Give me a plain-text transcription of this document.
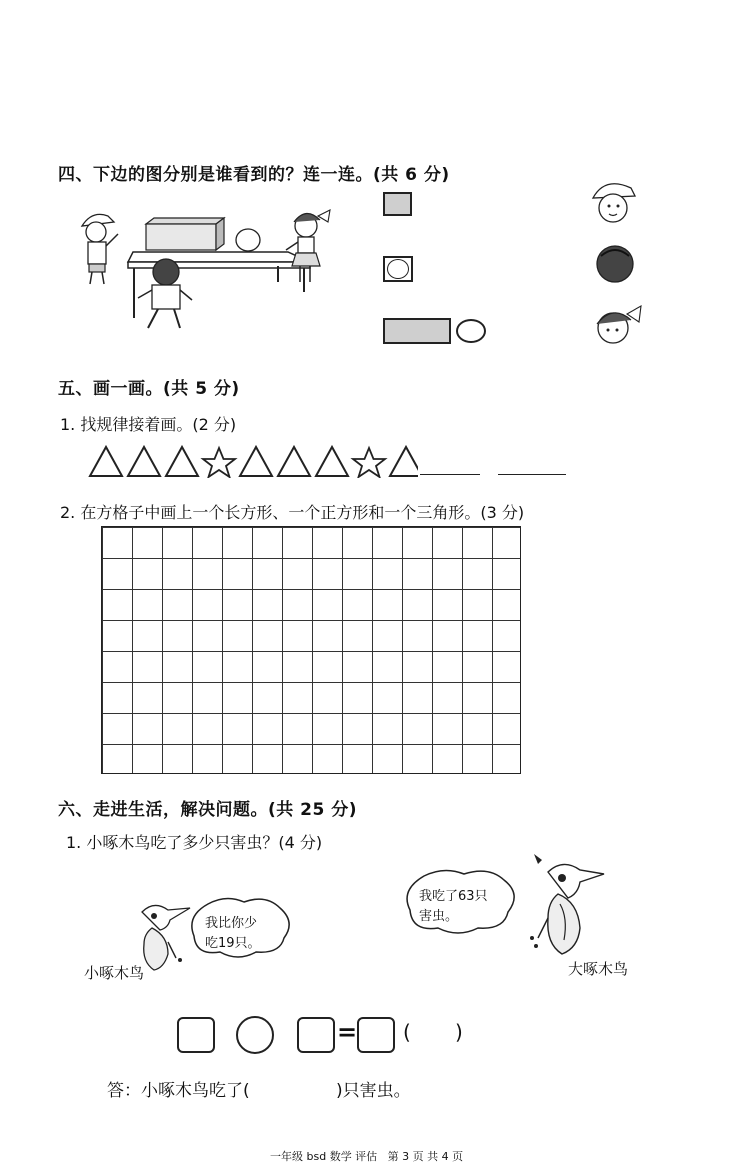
四、下边的图分别是谁看到的？连一连。(共 6 分)
五、画一画。(共 5 分)
1. 找规律接着画。(2 分)
2. 在方格子中画上一个长方形、一个正方形和一个三角形。(3 分)
六、走进生活，解决问题。(共 25 分)
1. 小啄木鸟吃了多少只害虫？(4 分)
我吃了63只
害虫。
大啄木鸟
小啄木鸟
我比你少
吃19只。
= ( )
答：小啄木鸟吃了(	)只害虫。
一年级 bsd 数学 评估   第 3 页 共 4 页
